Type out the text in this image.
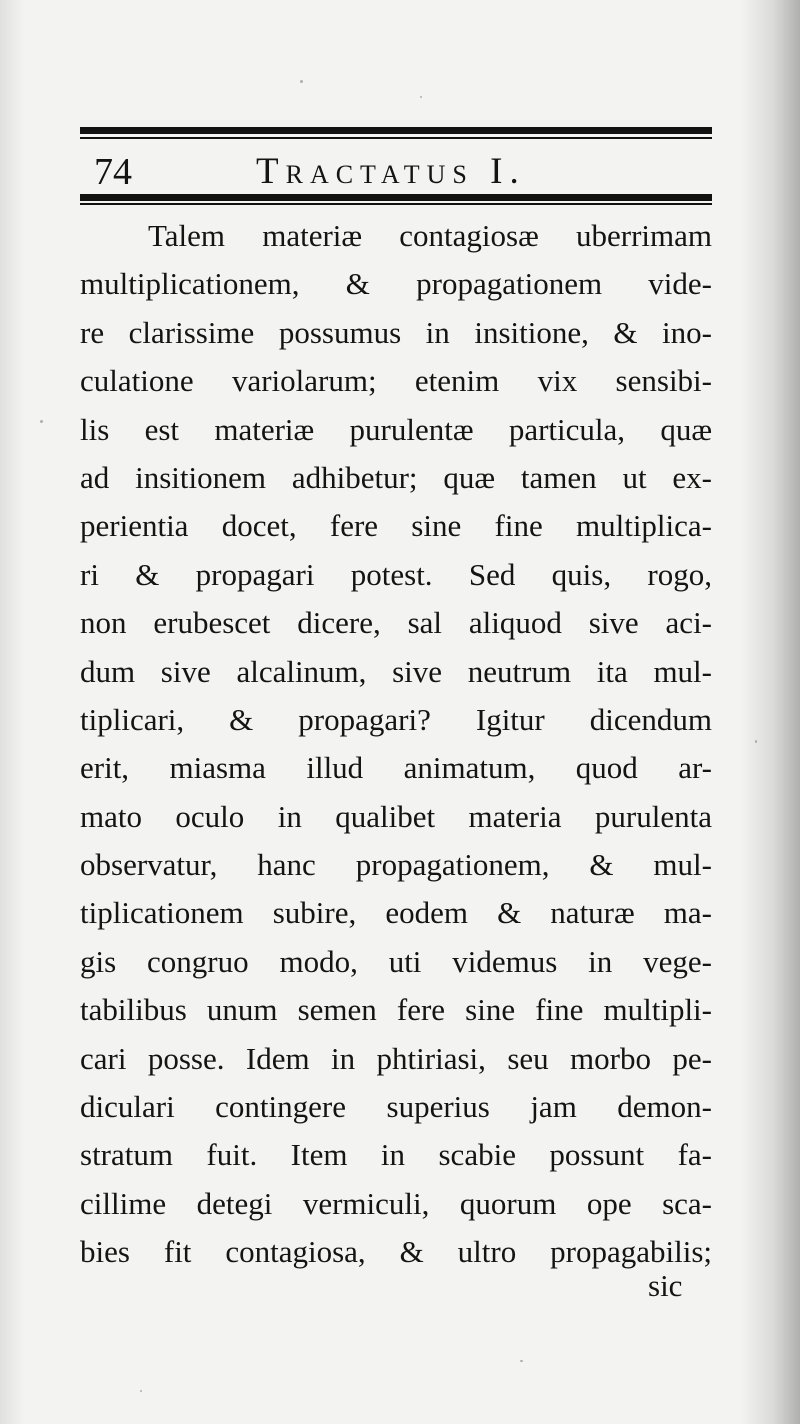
74	Tractatus I.
Talem materiæ contagiosæ uberrimam
multiplicationem, & propagationem vide-
re clarissime possumus in insitione, & ino-
culatione variolarum; etenim vix sensibi-
lis est materiæ purulentæ particula, quæ
ad insitionem adhibetur; quæ tamen ut ex-
perientia docet, fere sine fine multiplica-
ri & propagari potest. Sed quis, rogo,
non erubescet dicere, sal aliquod sive aci-
dum sive alcalinum, sive neutrum ita mul-
tiplicari, & propagari? Igitur dicendum
erit, miasma illud animatum, quod ar-
mato oculo in qualibet materia purulenta
observatur, hanc propagationem, & mul-
tiplicationem subire, eodem & naturæ ma-
gis congruo modo, uti videmus in vege-
tabilibus unum semen fere sine fine multipli-
cari posse. Idem in phtiriasi, seu morbo pe-
diculari contingere superius jam demon-
stratum fuit. Item in scabie possunt fa-
cillime detegi vermiculi, quorum ope sca-
bies fit contagiosa, & ultro propagabilis;
sic
